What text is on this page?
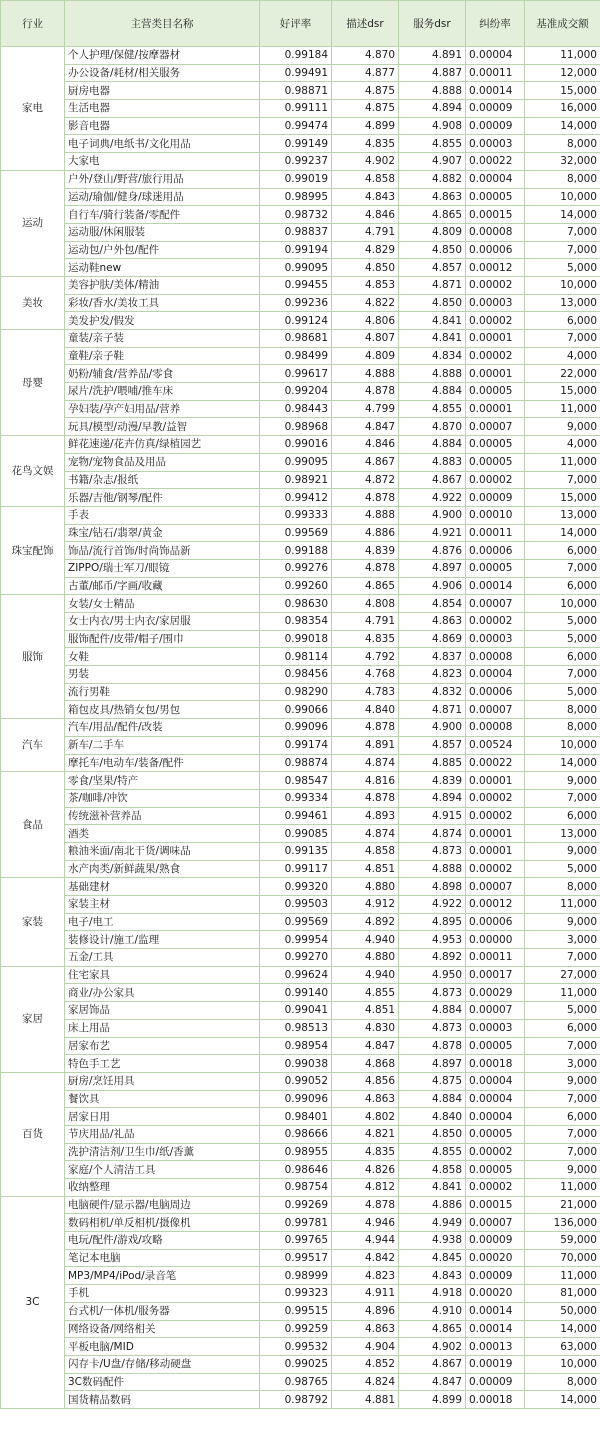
行业	主营类目名称	好评率	描述dsr	服务dsr	纠纷率	基准成交额
家电	个人护理/保健/按摩器材	0.99184	4.870	4.891	0.00004	11,000
	办公设备/耗材/相关服务	0.99491	4.877	4.887	0.00011	12,000
	厨房电器	0.98871	4.875	4.888	0.00014	15,000
	生活电器	0.99111	4.875	4.894	0.00009	16,000
	影音电器	0.99474	4.899	4.908	0.00009	14,000
	电子词典/电纸书/文化用品	0.99149	4.835	4.855	0.00003	8,000
	大家电	0.99237	4.902	4.907	0.00022	32,000
运动	户外/登山/野营/旅行用品	0.99019	4.858	4.882	0.00004	8,000
	运动/瑜伽/健身/球迷用品	0.98995	4.843	4.863	0.00005	10,000
	自行车/骑行装备/零配件	0.98732	4.846	4.865	0.00015	14,000
	运动服/休闲服装	0.98837	4.791	4.809	0.00008	7,000
	运动包/户外包/配件	0.99194	4.829	4.850	0.00006	7,000
	运动鞋new	0.99095	4.850	4.857	0.00012	5,000
美妆	美容护肤/美体/精油	0.99455	4.853	4.871	0.00002	10,000
	彩妆/香水/美妆工具	0.99236	4.822	4.850	0.00003	13,000
	美发护发/假发	0.99124	4.806	4.841	0.00002	6,000
母婴	童装/亲子装	0.98681	4.807	4.841	0.00001	7,000
	童鞋/亲子鞋	0.98499	4.809	4.834	0.00002	4,000
	奶粉/辅食/营养品/零食	0.99617	4.888	4.888	0.00001	22,000
	尿片/洗护/喂哺/推车床	0.99204	4.878	4.884	0.00005	15,000
	孕妇装/孕产妇用品/营养	0.98443	4.799	4.855	0.00001	11,000
	玩具/模型/动漫/早教/益智	0.98968	4.847	4.870	0.00007	9,000
花鸟文娱	鲜花速递/花卉仿真/绿植园艺	0.99016	4.846	4.884	0.00005	4,000
	宠物/宠物食品及用品	0.99095	4.867	4.883	0.00005	11,000
	书籍/杂志/报纸	0.98921	4.872	4.867	0.00002	7,000
	乐器/吉他/钢琴/配件	0.99412	4.878	4.922	0.00009	15,000
珠宝配饰	手表	0.99333	4.888	4.900	0.00010	13,000
	珠宝/钻石/翡翠/黄金	0.99569	4.886	4.921	0.00011	14,000
	饰品/流行首饰/时尚饰品新	0.99188	4.839	4.876	0.00006	6,000
	ZIPPO/瑞士军刀/眼镜	0.99276	4.878	4.897	0.00005	7,000
	古董/邮币/字画/收藏	0.99260	4.865	4.906	0.00014	6,000
服饰	女装/女士精品	0.98630	4.808	4.854	0.00007	10,000
	女士内衣/男士内衣/家居服	0.98354	4.791	4.863	0.00002	5,000
	服饰配件/皮带/帽子/围巾	0.99018	4.835	4.869	0.00003	5,000
	女鞋	0.98114	4.792	4.837	0.00008	6,000
	男装	0.98456	4.768	4.823	0.00004	7,000
	流行男鞋	0.98290	4.783	4.832	0.00006	5,000
	箱包皮具/热销女包/男包	0.99066	4.840	4.871	0.00007	8,000
汽车	汽车/用品/配件/改装	0.99096	4.878	4.900	0.00008	8,000
	新车/二手车	0.99174	4.891	4.857	0.00524	10,000
	摩托车/电动车/装备/配件	0.98874	4.874	4.885	0.00022	14,000
食品	零食/坚果/特产	0.98547	4.816	4.839	0.00001	9,000
	茶/咖啡/冲饮	0.99334	4.878	4.894	0.00002	7,000
	传统滋补营养品	0.99461	4.893	4.915	0.00002	6,000
	酒类	0.99085	4.874	4.874	0.00001	13,000
	粮油米面/南北干货/调味品	0.99135	4.858	4.873	0.00001	9,000
	水产肉类/新鲜蔬果/熟食	0.99117	4.851	4.888	0.00002	5,000
家装	基础建材	0.99320	4.880	4.898	0.00007	8,000
	家装主材	0.99503	4.912	4.922	0.00012	11,000
	电子/电工	0.99569	4.892	4.895	0.00006	9,000
	装修设计/施工/监理	0.99954	4.940	4.953	0.00000	3,000
	五金/工具	0.99270	4.880	4.892	0.00011	7,000
家居	住宅家具	0.99624	4.940	4.950	0.00017	27,000
	商业/办公家具	0.99140	4.855	4.873	0.00029	11,000
	家居饰品	0.99041	4.851	4.884	0.00007	5,000
	床上用品	0.98513	4.830	4.873	0.00003	6,000
	居家布艺	0.98954	4.847	4.878	0.00005	7,000
	特色手工艺	0.99038	4.868	4.897	0.00018	3,000
百货	厨房/烹饪用具	0.99052	4.856	4.875	0.00004	9,000
	餐饮具	0.99096	4.863	4.884	0.00004	7,000
	居家日用	0.98401	4.802	4.840	0.00004	6,000
	节庆用品/礼品	0.98666	4.821	4.850	0.00005	7,000
	洗护清洁剂/卫生巾/纸/香薰	0.98955	4.835	4.855	0.00002	7,000
	家庭/个人清洁工具	0.98646	4.826	4.858	0.00005	9,000
	收纳整理	0.98754	4.812	4.841	0.00002	11,000
3C	电脑硬件/显示器/电脑周边	0.99269	4.878	4.886	0.00015	21,000
	数码相机/单反相机/摄像机	0.99781	4.946	4.949	0.00007	136,000
	电玩/配件/游戏/攻略	0.99765	4.944	4.938	0.00009	59,000
	笔记本电脑	0.99517	4.842	4.845	0.00020	70,000
	MP3/MP4/iPod/录音笔	0.98999	4.823	4.843	0.00009	11,000
	手机	0.99323	4.911	4.918	0.00020	81,000
	台式机/一体机/服务器	0.99515	4.896	4.910	0.00014	50,000
	网络设备/网络相关	0.99259	4.863	4.865	0.00014	14,000
	平板电脑/MID	0.99532	4.904	4.902	0.00013	63,000
	闪存卡/U盘/存储/移动硬盘	0.99025	4.852	4.867	0.00019	10,000
	3C数码配件	0.98765	4.824	4.847	0.00009	8,000
	国货精品数码	0.98792	4.881	4.899	0.00018	14,000
